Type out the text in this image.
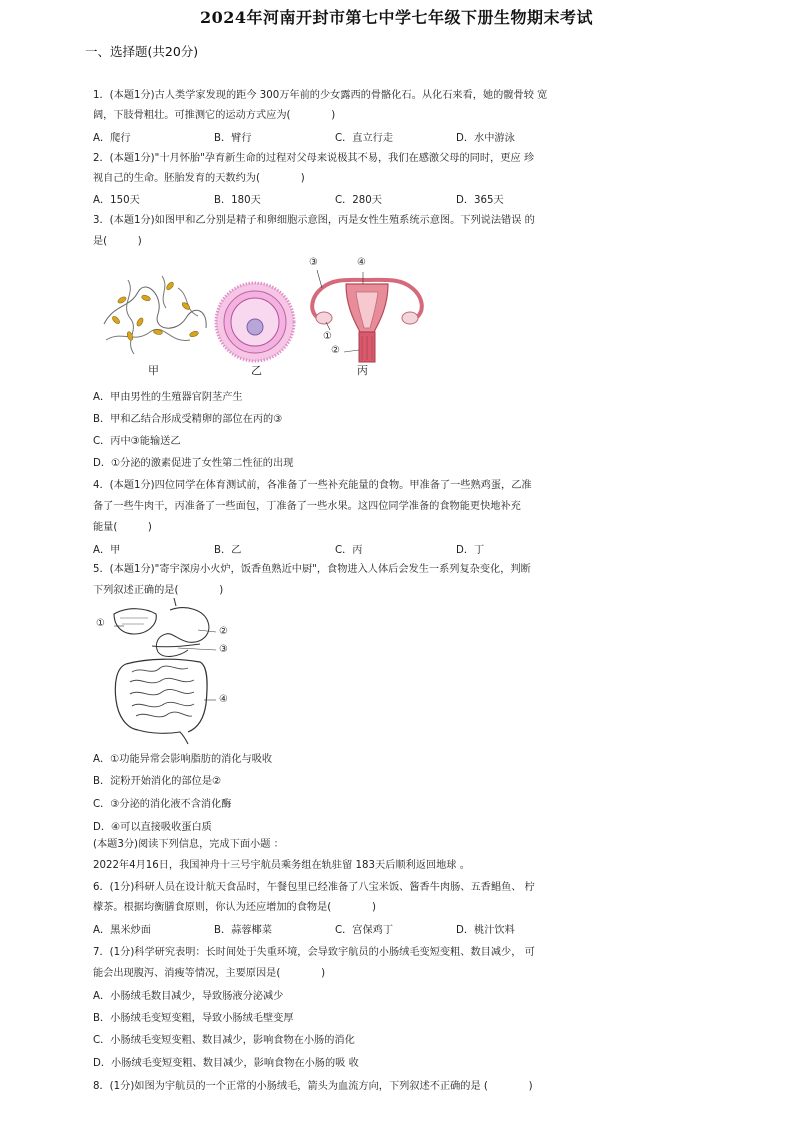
2024年河南开封市第七中学七年级下册生物期末考试
一、选择题(共20分)
1．(本题1分)古人类学家发现的距今 300万年前的少女露西的骨骼化石。从化石来看，她的髋骨较 宽
阔，下肢骨粗壮。可推测它的运动方式应为(　　　　)
A．爬行	B．臂行	C．直立行走	D．水中游泳
2．(本题1分)"十月怀胎"孕育新生命的过程对父母来说极其不易，我们在感激父母的同时，更应 珍
视自己的生命。胚胎发育的天数约为(　　　　)
A．150天	B．180天	C．280天	D．365天
3．(本题1分)如图甲和乙分别是精子和卵细胞示意图，丙是女性生殖系统示意图。下列说法错误 的
是(　　　)
甲	乙
③	④
①
②
丙
A．甲由男性的生殖器官阴茎产生
B．甲和乙结合形成受精卵的部位在丙的③
C．丙中③能输送乙
D．①分泌的激素促进了女性第二性征的出现
4．(本题1分)四位同学在体育测试前，各准备了一些补充能量的食物。甲准备了一些熟鸡蛋，乙准
备了一些牛肉干，丙准备了一些面包，丁准备了一些水果。这四位同学准备的食物能更快地补充
能量(　　　)
A．甲	B．乙	C．丙	D．丁
5．(本题1分)"寄宇深房小火炉，饭香鱼熟近中厨"，食物进入人体后会发生一系列复杂变化，判断
下列叙述正确的是(　　　　)
①
②
③
④
A．①功能异常会影响脂肪的消化与吸收
B．淀粉开始消化的部位是②
C．③分泌的消化液不含消化酶
D．④可以直接吸收蛋白质
(本题3分)阅读下列信息，完成下面小题 ：
2022年4月16日，我国神舟十三号宇航员乘务组在轨驻留 183天后顺利返回地球 。
6．(1分)科研人员在设计航天食品时，午餐包里已经准备了八宝米饭、酱香牛肉肠、五香鲳鱼、 柠
檬茶。根据均衡膳食原则，你认为还应增加的食物是(　　　　)
A．黑米炒面	B．蒜蓉椰菜	C．宫保鸡丁	D．桃汁饮料
7．(1分)科学研究表明：长时间处于失重环境，会导致宇航员的小肠绒毛变短变粗、数目减少， 可
能会出现腹泻、消瘦等情况，主要原因是(　　　　)
A．小肠绒毛数目减少，导致肠液分泌减少
B．小肠绒毛变短变粗，导致小肠绒毛壁变厚
C．小肠绒毛变短变粗、数目减少，影响食物在小肠的消化
D．小肠绒毛变短变粗、数目减少，影响食物在小肠的吸 收
8．(1分)如图为宇航员的一个正常的小肠绒毛，箭头为血流方向，下列叙述不正确的是 (　　　　)
